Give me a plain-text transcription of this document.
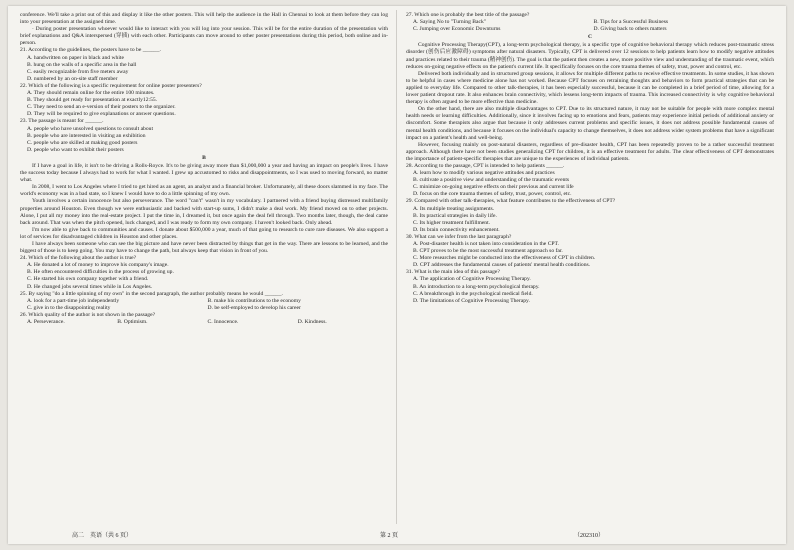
conference. We'll take a print out of this and display it like the other posters. This will help the audience in the Hall in Chennai to look at them before they can log into your presentation at the assigned time.

· During poster presentation whoever would like to interact with you will log into your session. This will be for the entire duration of the presentation with brief explanations and Q&A interspersed (穿插) with each other. Participants can move around to other poster presentations during this period, both online and in-person.

21. According to the guidelines, the posters have to be ______.

A. handwritten on paper in black and white

B. hung on the walls of a specific area in the hall

C. easily recognizable from five meters away

D. numbered by an on-site staff member

22. Which of the following is a specific requirement for online poster presenters?

A. They should remain online for the entire 100 minutes.

B. They should get ready for presentation at exactly12:55.

C. They need to send an e-version of their posters to the organizer.

D. They will be required to give explanations or answer questions.

23. The passage is meant for ______.

A. people who have unsolved questions to consult about

B. people who are interested in visiting an exhibition

C. people who are skilled at making good posters

D. people who want to exhibit their posters

B

If I have a goal in life, it isn't to be driving a Rolls-Royce. It's to be giving away more than $1,000,000 a year and having an impact on people's lives. I have the success today because I always had to work for what I wanted. I grew up accustomed to risks and disappointments, so I was used to moving forward, no matter what.

In 2008, I went to Los Angeles where I tried to get hired as an agent, an analyst and a financial broker. Unfortunately, all these doors slammed in my face. The world's economy was in a bad state, so I knew I would have to do a little spinning of my own.

Youth involves a certain innocence but also perseverance. The word "can't" wasn't in my vocabulary. I partnered with a friend buying distressed multifamily properties around Houston. Even though we were enthusiastic and backed with start-up sums, I didn't make a deal work. My friend moved on to other projects. Alone, I put all my money into the real-estate project. I put the time in, I dreamed it, but once again the deal fell through. Two months later, though, the deal came back around. That was when the pitch opened, luck changed, and I was ready to form my own company. I haven't looked back. Only ahead.

I'm now able to give back to communities and causes. I donate about $500,000 a year, much of that going to research to cure rare diseases. We also support a lot of services for disadvantaged children in Houston and other places.

I have always been someone who can see the big picture and have never been distracted by things that get in the way. There are lessons to be learned, and the biggest of those is to keep going. You may have to change the path, but always keep that vision in front of you.

24. Which of the following about the author is true?

A. He donated a lot of money to improve his company's image.

B. He often encountered difficulties in the process of growing up.

C. He started his own company together with a friend.

D. He changed jobs several times while in Los Angeles.

25. By saying "do a little spinning of my own" in the second paragraph, the author probably means he would ______.

A. look for a part-time job independently	B. make his contributions to the economy
C. give in to the disappointing reality	D. be self-employed to develop his career

26. Which quality of the author is not shown in the passage?

A. Perseverance.	B. Optimism.	C. Innocence.	D. Kindness.

27. Which one is probably the best title of the passage?

A. Saying No to "Turning Back"	B. Tips for a Successful Business
C. Jumping over Economic Downturns	D. Giving back to others matters

C

Cognitive Processing Therapy(CPT), a long-term psychological therapy, is a specific type of cognitive behavioral therapy which reduces post-traumatic stress disorder (创伤后应激障碍) symptoms after natural disasters. Typically, CPT is delivered over 12 sessions to help patients learn how to modify negative attitudes and practices related to their trauma (精神创伤). The goal is that the patient then creates a new, more positive view and understanding of the traumatic event, which reduces on-going negative effects on the patient's current life. It specifically focuses on the core trauma themes of safety, trust, power and control, etc.

Delivered both individually and in structured group sessions, it allows for multiple different paths to receive effective treatments. In some studies, it has shown to be helpful in cases where medicine alone has not worked. Because CPT focuses on retraining thoughts and behaviors to form practical strategies that can be applied to everyday life. Compared to other talk-therapies, it has been especially successful, because it can be completed in a brief period of time, allowing for a lower patient dropout rate. It also enhances brain connectivity, which lessens long-term impacts of trauma. This increased connectivity is why cognitive behavioral therapy is often argued to be more effective than medicine.

On the other hand, there are also multiple disadvantages to CPT. Due to its structured nature, it may not be suitable for people with more complex mental health needs or learning difficulties. Additionally, since it involves facing up to emotions and fears, patients may experience initial periods of additional anxiety or discomfort. Some therapists also argue that because it only addresses current problems and specific issues, it does not address possible fundamental causes of mental health conditions, and because it focuses on the individual's capacity to change themselves, it does not address wider system problems that have a significant impact on a patient's health and well-being.

However, focusing mainly on post-natural disasters, regardless of pre-disaster health, CPT has been repeatedly proven to be a rather successful treatment approach. Although there have not been studies generalizing CPT for children, it is an effective treatment for adults. The clear effectiveness of CPT demonstrates the importance of patient-specific therapies that are unique to the experiences of individual patients.

28. According to the passage, CPT is intended to help patients ______.

A. learn how to modify various negative attitudes and practices

B. cultivate a positive view and understanding of the traumatic events

C. minimize on-going negative effects on their previous and current life

D. focus on the core trauma themes of safety, trust, power, control, etc.

29. Compared with other talk-therapies, what feature contributes to the effectiveness of CPT?

A. Its multiple treating assignments.

B. Its practical strategies in daily life.

C. Its higher treatment fulfillment.

D. Its brain connectivity enhancement.

30. What can we infer from the last paragraph?

A. Post-disaster health is not taken into consideration in the CPT.

B. CPT proves to be the most successful treatment approach so far.

C. More researches might be conducted into the effectiveness of CPT in children.

D. CPT addresses the fundamental causes of patients' mental health conditions.

31. What is the main idea of this passage?

A. The application of Cognitive Processing Therapy.

B. An introduction to a long-term psychological therapy.

C. A breakthrough in the psychological medical field.

D. The limitations of Cognitive Processing Therapy.

高二　英语（共 6 页）	第 2 页	（202310）
